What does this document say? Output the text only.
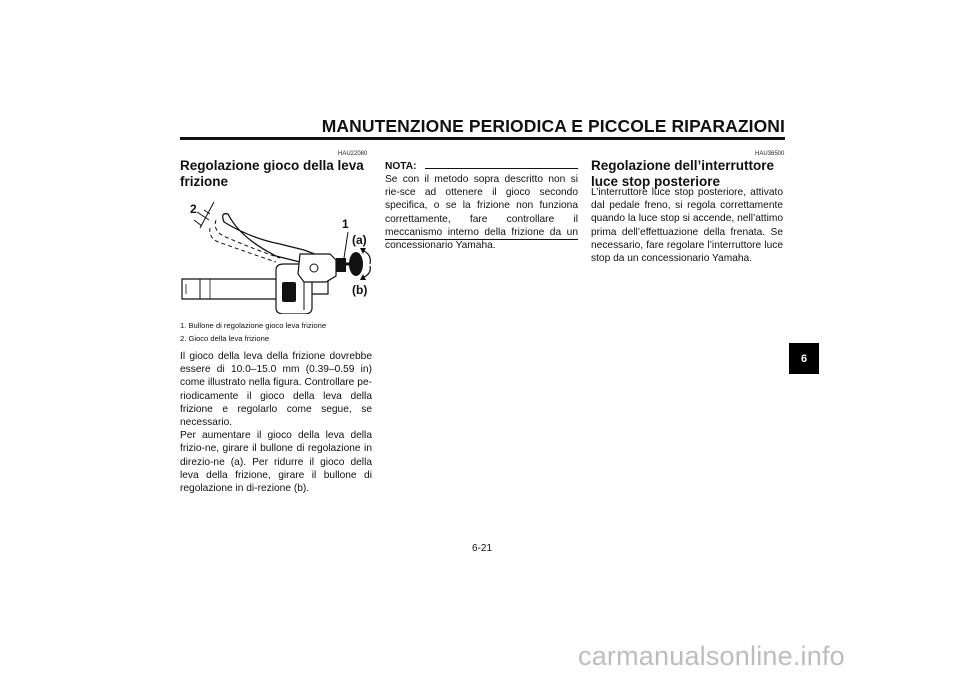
MANUTENZIONE PERIODICA E PICCOLE RIPARAZIONI
HAU22080
Regolazione gioco della leva frizione
2
1
(a)
(b)
1. Bullone di regolazione gioco leva frizione
2. Gioco della leva frizione

Il gioco della leva della frizione dovrebbe essere di 10.0–15.0 mm (0.39–0.59 in) come illustrato nella figura. Controllare pe-riodicamente il gioco della leva della frizione e regolarlo come segue, se necessario.

Per aumentare il gioco della leva della frizio-ne, girare il bullone di regolazione in direzio-ne (a). Per ridurre il gioco della leva della frizione, girare il bullone di regolazione in di-rezione (b).

NOTA:

Se con il metodo sopra descritto non si rie-sce ad ottenere il gioco secondo specifica, o se la frizione non funziona correttamente, fare controllare il meccanismo interno della frizione da un concessionario Yamaha.

HAU36500
Regolazione dell’interruttore luce stop posteriore

L’interruttore luce stop posteriore, attivato dal pedale freno, si regola correttamente quando la luce stop si accende, nell’attimo prima dell’effettuazione della frenata. Se necessario, fare regolare l’interruttore luce stop da un concessionario Yamaha.

6
6-21
carmanualsonline.info
